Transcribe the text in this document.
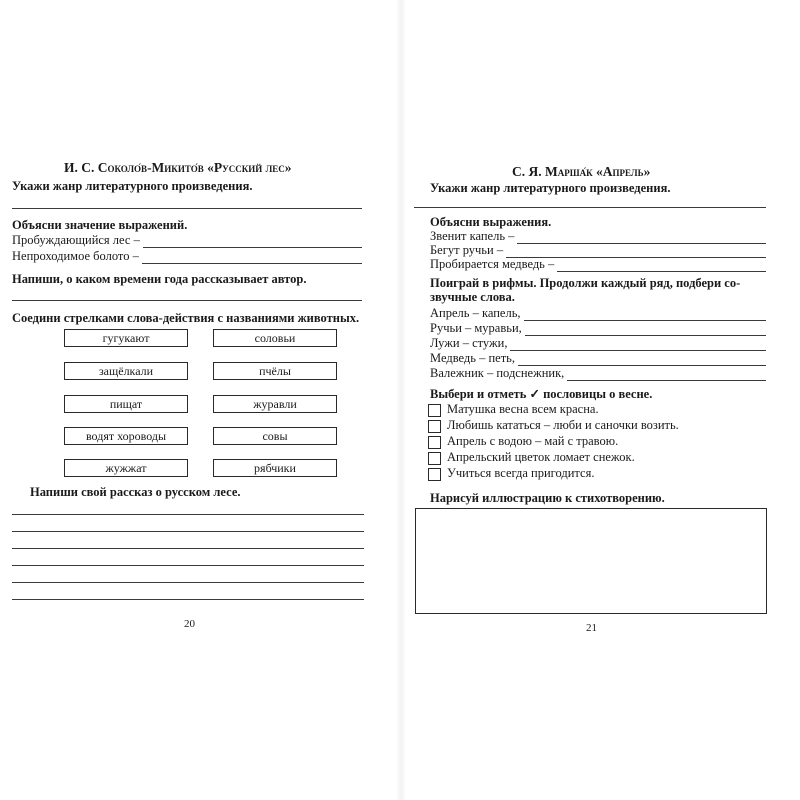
И. С. Соколо́в-Микито́в «Русский лес»
Укажи жанр литературного произведения.
Объясни значение выражений.
Пробуждающийся лес –
Непроходимое болото –
Напиши, о каком времени года рассказывает автор.
Соедини стрелками слова-действия с названиями животных.
гугукают
защёлкали
пищат
водят хороводы
жужжат
соловьи
пчёлы
журавли
совы
рябчики
Напиши свой рассказ о русском лесе.
20
С. Я. Марша́к «Апрель»
Укажи жанр литературного произведения.
Объясни выражения.
Звенит капель –
Бегут ручьи –
Пробирается медведь –
Поиграй в рифмы. Продолжи каждый ряд, подбери со-
звучные слова.
Апрель – капель,
Ручьи – муравьи,
Лужи – стужи,
Медведь – петь,
Валежник – подснежник,
Выбери и отметь ✓ пословицы о весне.
Матушка весна всем красна.
Любишь кататься – люби и саночки возить.
Апрель с водою – май с травою.
Апрельский цветок ломает снежок.
Учиться всегда пригодится.
Нарисуй иллюстрацию к стихотворению.
21
